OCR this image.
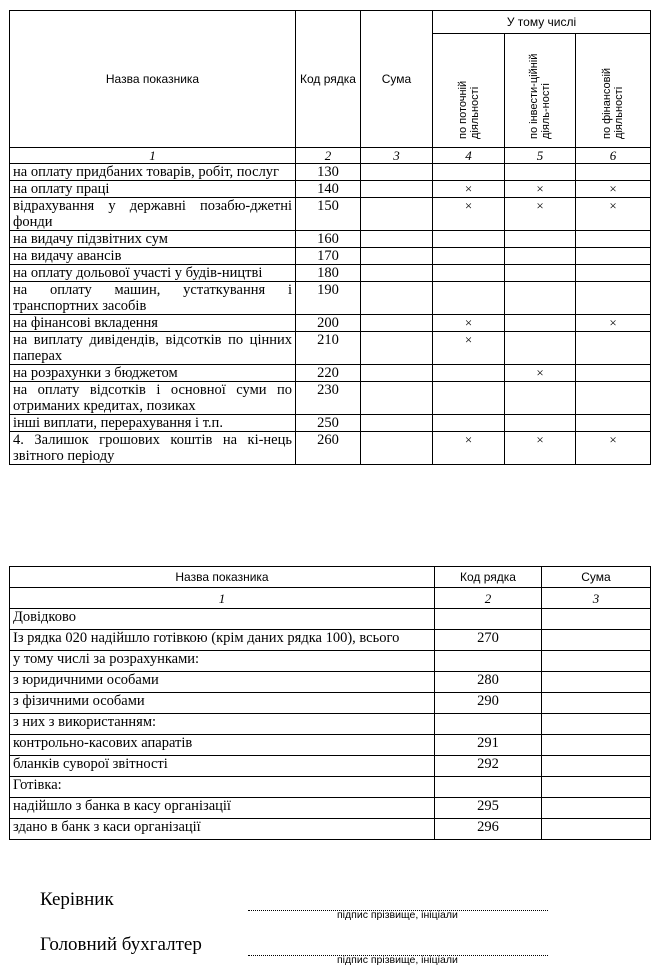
Назва показника	Код рядка	Сума	У тому числі		
			по поточній діяльності	по інвести-ційній діяль-ності	по фінансовій діяльності
1	2	3	4	5	6
на оплату придбаних товарів, робіт, послуг	130				
на оплату праці	140		×	×	×
відрахування у державні позабю-джетні фонди	150		×	×	×
на видачу підзвітних сум	160				
на видачу авансів	170				
на оплату дольової участі у будів-ництві	180				
на оплату машин, устаткування і транспортних засобів	190				
на фінансові вкладення	200		×		×
на виплату дивідендів, відсотків по цінних паперах	210		×		
на розрахунки з бюджетом	220			×	
на оплату відсотків і основної суми по отриманих кредитах, позиках	230				
інші виплати, перерахування і т.п.	250				
4. Залишок грошових коштів на кі-нець звітного періоду	260		×	×	×
Назва показника	Код рядка	Сума
1	2	3
Довідково		
Із рядка 020 надійшло готівкою (крім даних рядка 100), всього	270	
у тому числі за розрахунками:		
з юридичними особами	280	
з фізичними особами	290	
з них з використанням:		
контрольно-касових апаратів	291	
бланків суворої звітності	292	
Готівка:		
надійшло з банка в касу організації	295	
здано в банк з каси організації	296	
Керівник
підпис прізвище, ініціали
Головний бухгалтер
підпис прізвище, ініціали
